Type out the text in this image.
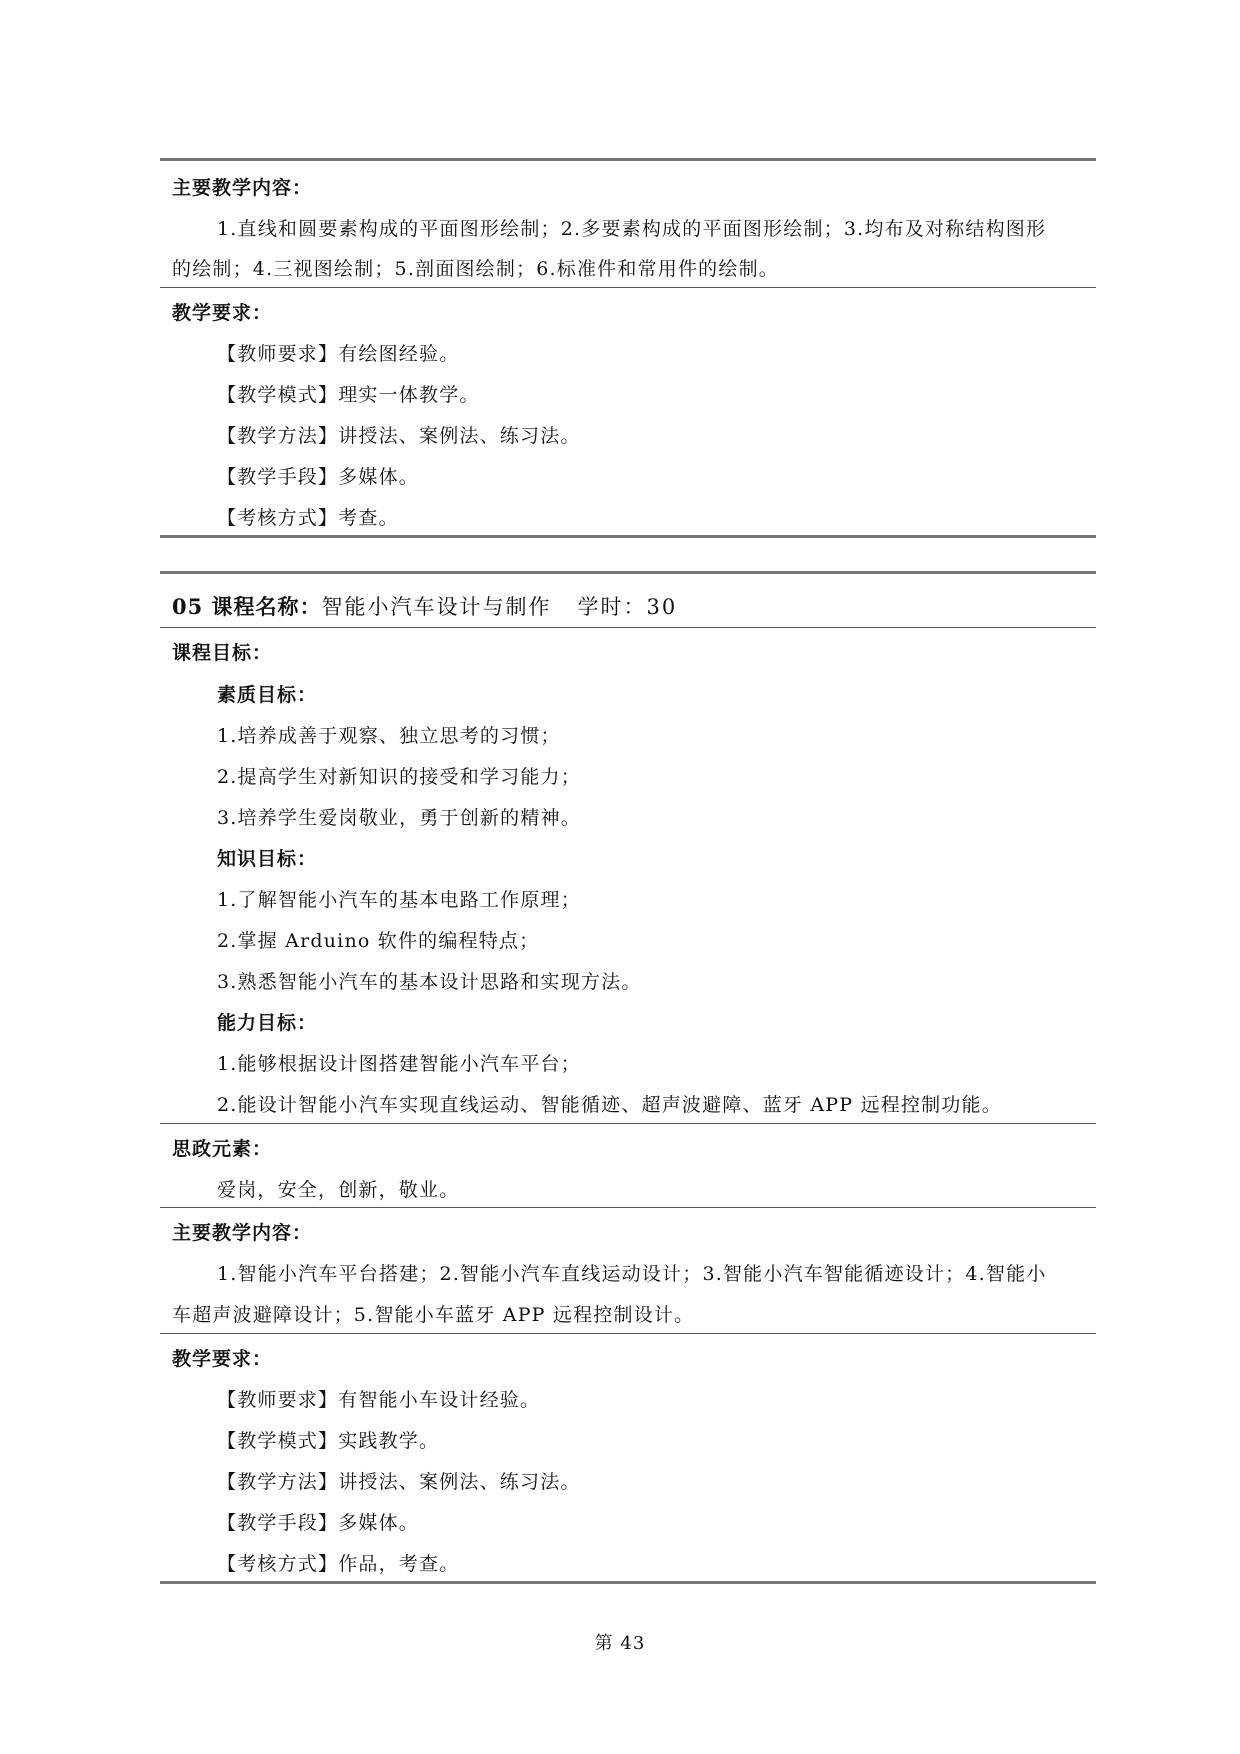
主要教学内容：
1.直线和圆要素构成的平面图形绘制；2.多要素构成的平面图形绘制；3.均布及对称结构图形
的绘制；4.三视图绘制；5.剖面图绘制；6.标准件和常用件的绘制。
教学要求：
【教师要求】有绘图经验。
【教学模式】理实一体教学。
【教学方法】讲授法、案例法、练习法。
【教学手段】多媒体。
【考核方式】考查。
05 课程名称：智能小汽车设计与制作 学时：30
课程目标：
素质目标：
1.培养成善于观察、独立思考的习惯；
2.提高学生对新知识的接受和学习能力；
3.培养学生爱岗敬业，勇于创新的精神。
知识目标：
1.了解智能小汽车的基本电路工作原理；
2.掌握 Arduino 软件的编程特点；
3.熟悉智能小汽车的基本设计思路和实现方法。
能力目标：
1.能够根据设计图搭建智能小汽车平台；
2.能设计智能小汽车实现直线运动、智能循迹、超声波避障、蓝牙 APP 远程控制功能。
思政元素：
爱岗，安全，创新，敬业。
主要教学内容：
1.智能小汽车平台搭建；2.智能小汽车直线运动设计；3.智能小汽车智能循迹设计；4.智能小
车超声波避障设计；5.智能小车蓝牙 APP 远程控制设计。
教学要求：
【教师要求】有智能小车设计经验。
【教学模式】实践教学。
【教学方法】讲授法、案例法、练习法。
【教学手段】多媒体。
【考核方式】作品，考查。
第 43
